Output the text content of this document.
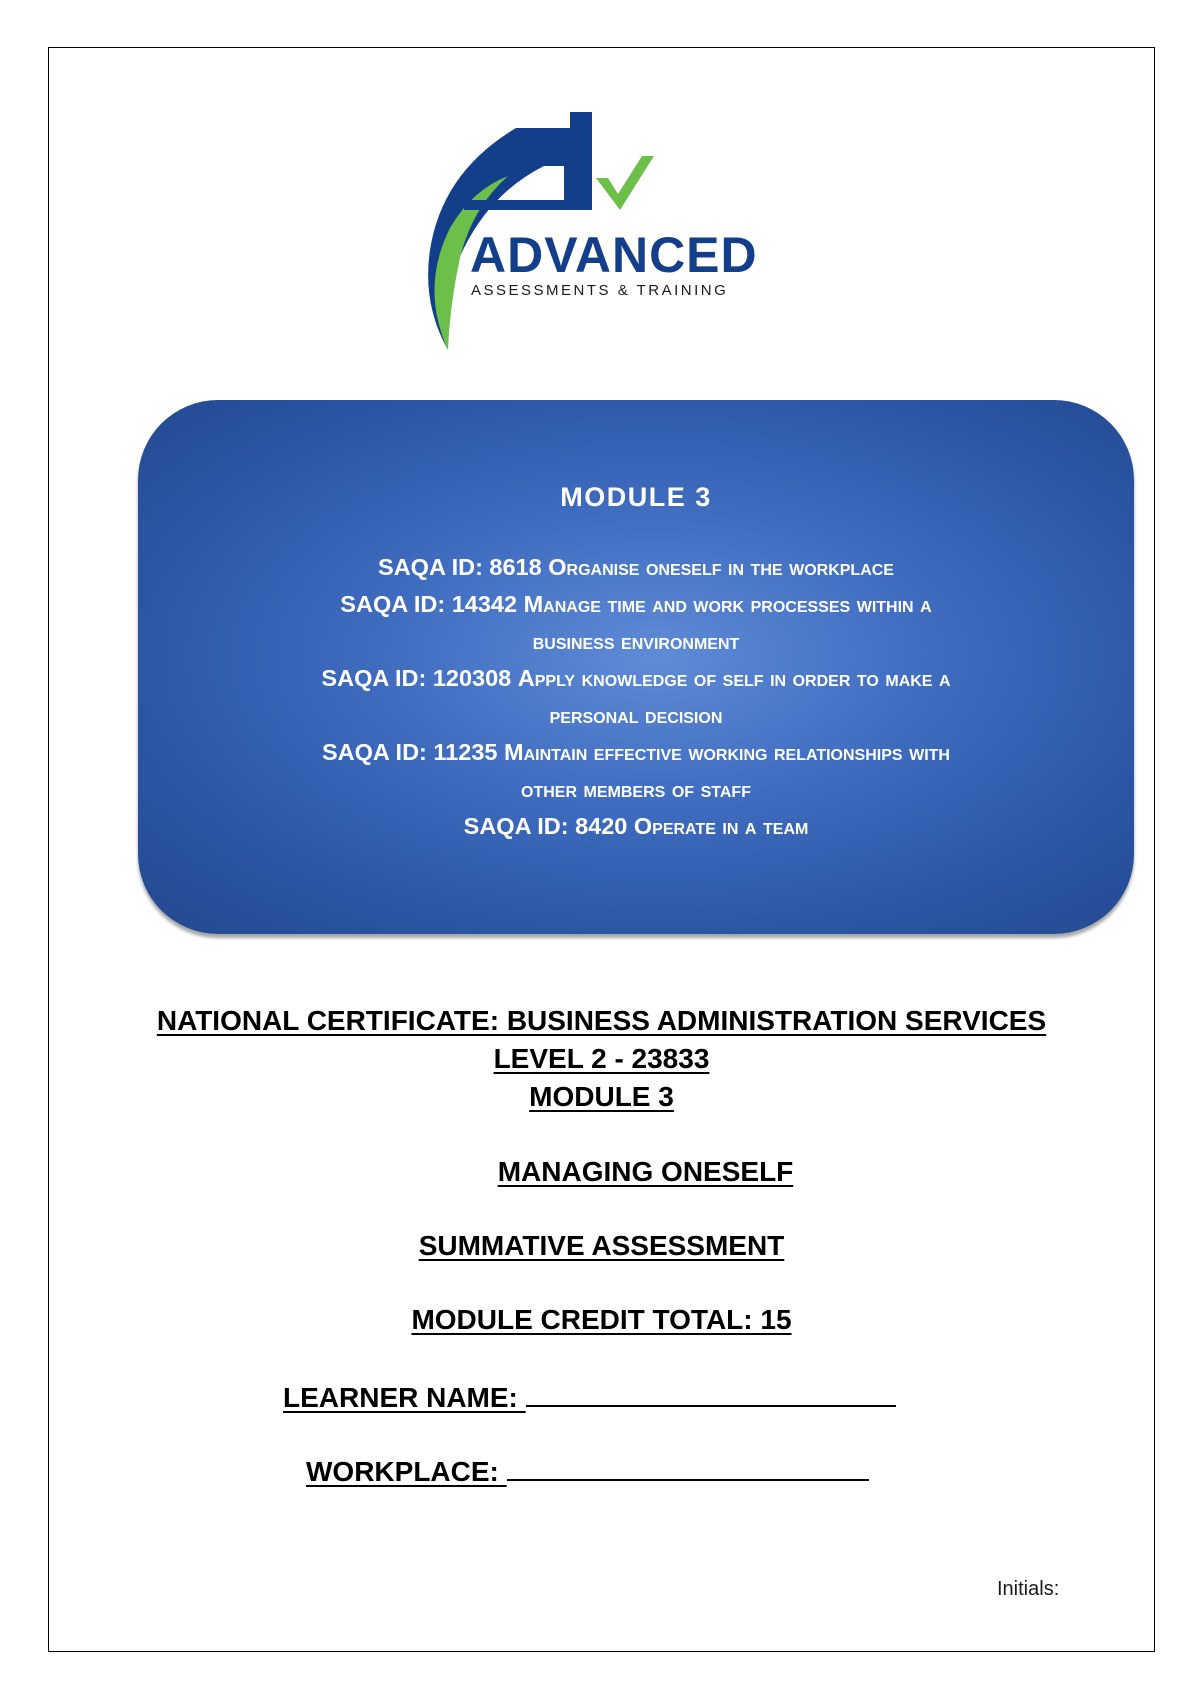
ADVANCED
ASSESSMENTS & TRAINING
MODULE 3
SAQA ID: 8618 Organise oneself in the workplace
SAQA ID: 14342 Manage time and work processes within a
business environment
SAQA ID: 120308 Apply knowledge of self in order to make a
personal decision
SAQA ID: 11235 Maintain effective working relationships with
other members of staff
SAQA ID: 8420 Operate in a team
NATIONAL CERTIFICATE: BUSINESS ADMINISTRATION SERVICES
LEVEL 2 - 23833
MODULE 3
MANAGING ONESELF
SUMMATIVE ASSESSMENT
MODULE CREDIT TOTAL: 15
LEARNER NAME:
WORKPLACE:
Initials:
